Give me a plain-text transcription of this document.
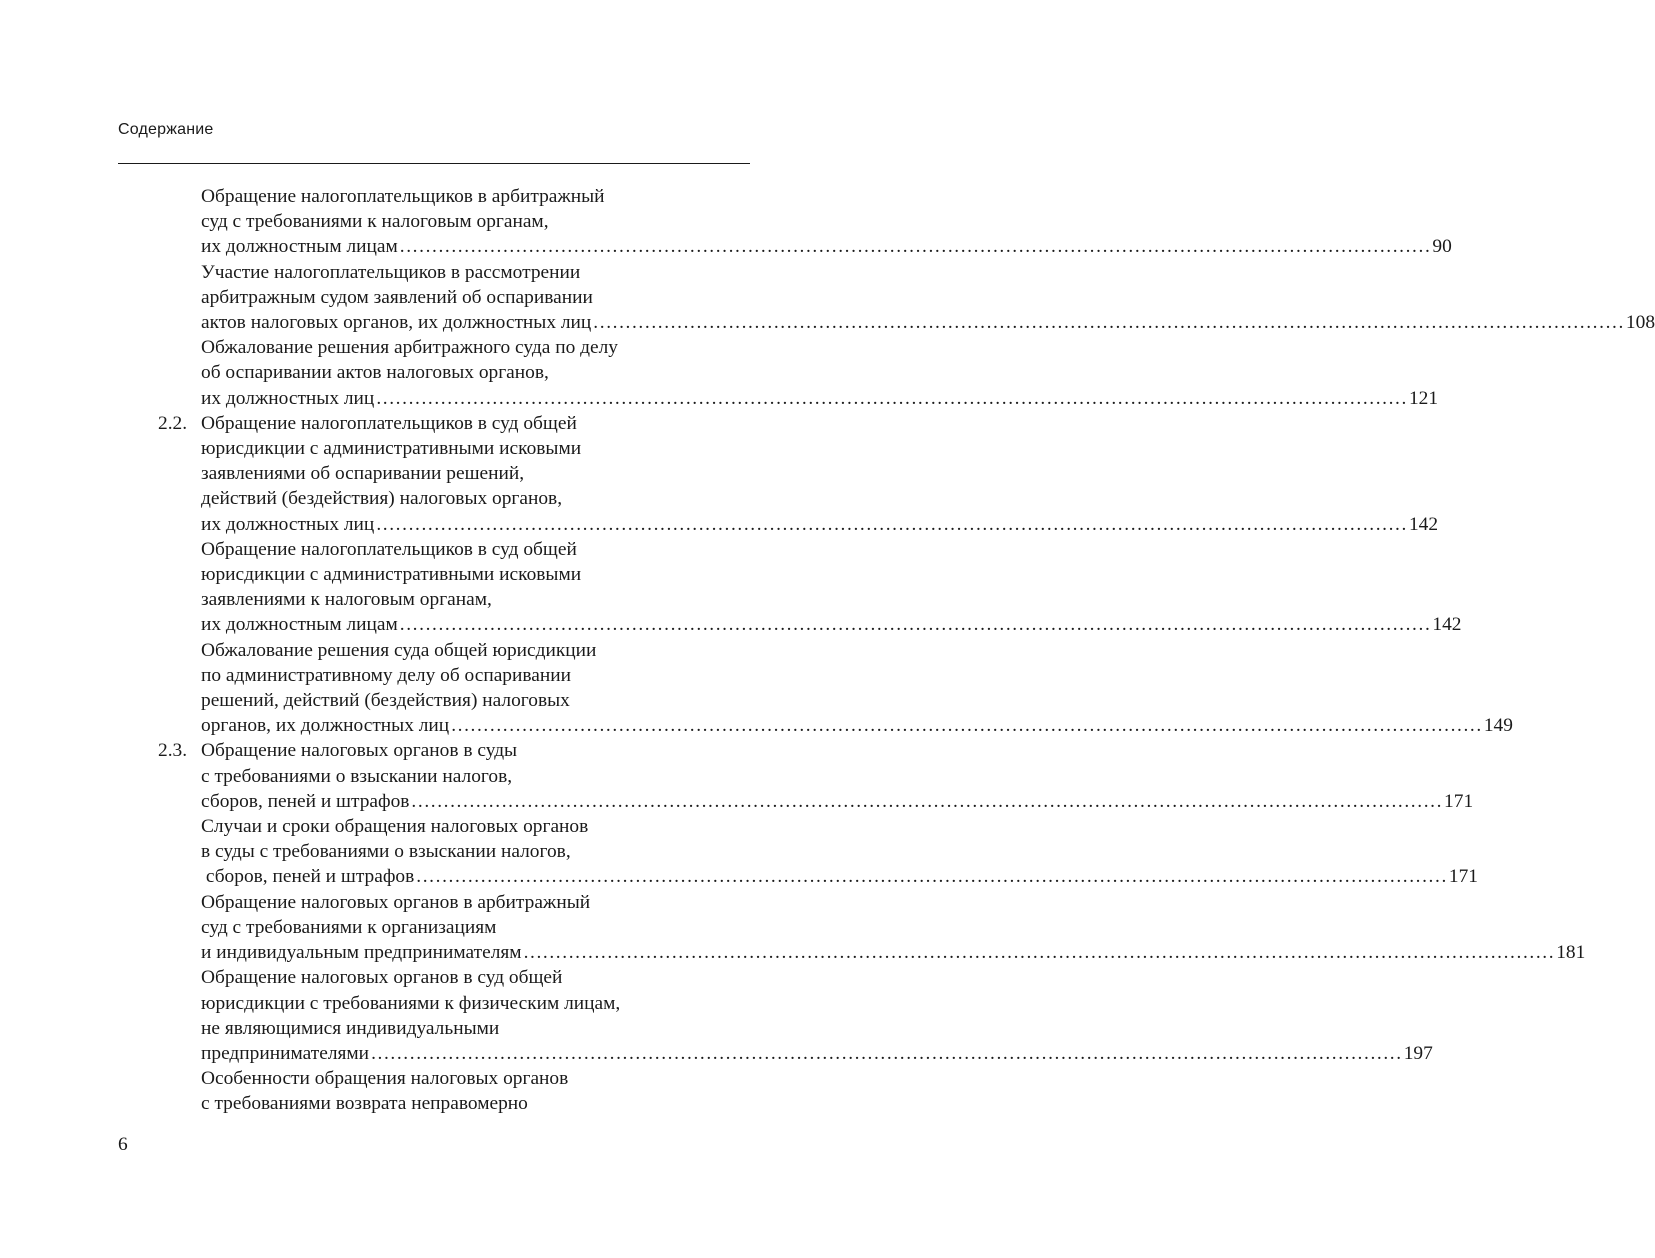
Содержание
Обращение налогоплательщиков в арбитражный
суд с требованиями к налоговым органам,
их должностным лицам ................................................................................................................................................................ 90
Участие налогоплательщиков в рассмотрении
арбитражным судом заявлений об оспаривании
актов налоговых органов, их должностных лиц ................................................................................................................................................................ 108
Обжалование решения арбитражного суда по делу
об оспаривании актов налоговых органов,
их должностных лиц ................................................................................................................................................................ 121
2.2. Обращение налогоплательщиков в суд общей
юрисдикции с административными исковыми
заявлениями об оспаривании решений,
действий (бездействия) налоговых органов,
их должностных лиц ................................................................................................................................................................ 142
Обращение налогоплательщиков в суд общей
юрисдикции с административными исковыми
заявлениями к налоговым органам,
их должностным лицам ................................................................................................................................................................ 142
Обжалование решения суда общей юрисдикции
по административному делу об оспаривании
решений, действий (бездействия) налоговых
органов, их должностных лиц ................................................................................................................................................................ 149
2.3. Обращение налоговых органов в суды
с требованиями о взыскании налогов,
сборов, пеней и штрафов ................................................................................................................................................................ 171
Случаи и сроки обращения налоговых органов
в суды с требованиями о взыскании налогов,
сборов, пеней и штрафов ................................................................................................................................................................ 171
Обращение налоговых органов в арбитражный
суд с требованиями к организациям
и индивидуальным предпринимателям ................................................................................................................................................................ 181
Обращение налоговых органов в суд общей
юрисдикции с требованиями к физическим лицам,
не являющимися индивидуальными
предпринимателями ................................................................................................................................................................ 197
Особенности обращения налоговых органов
с требованиями возврата неправомерно
6
